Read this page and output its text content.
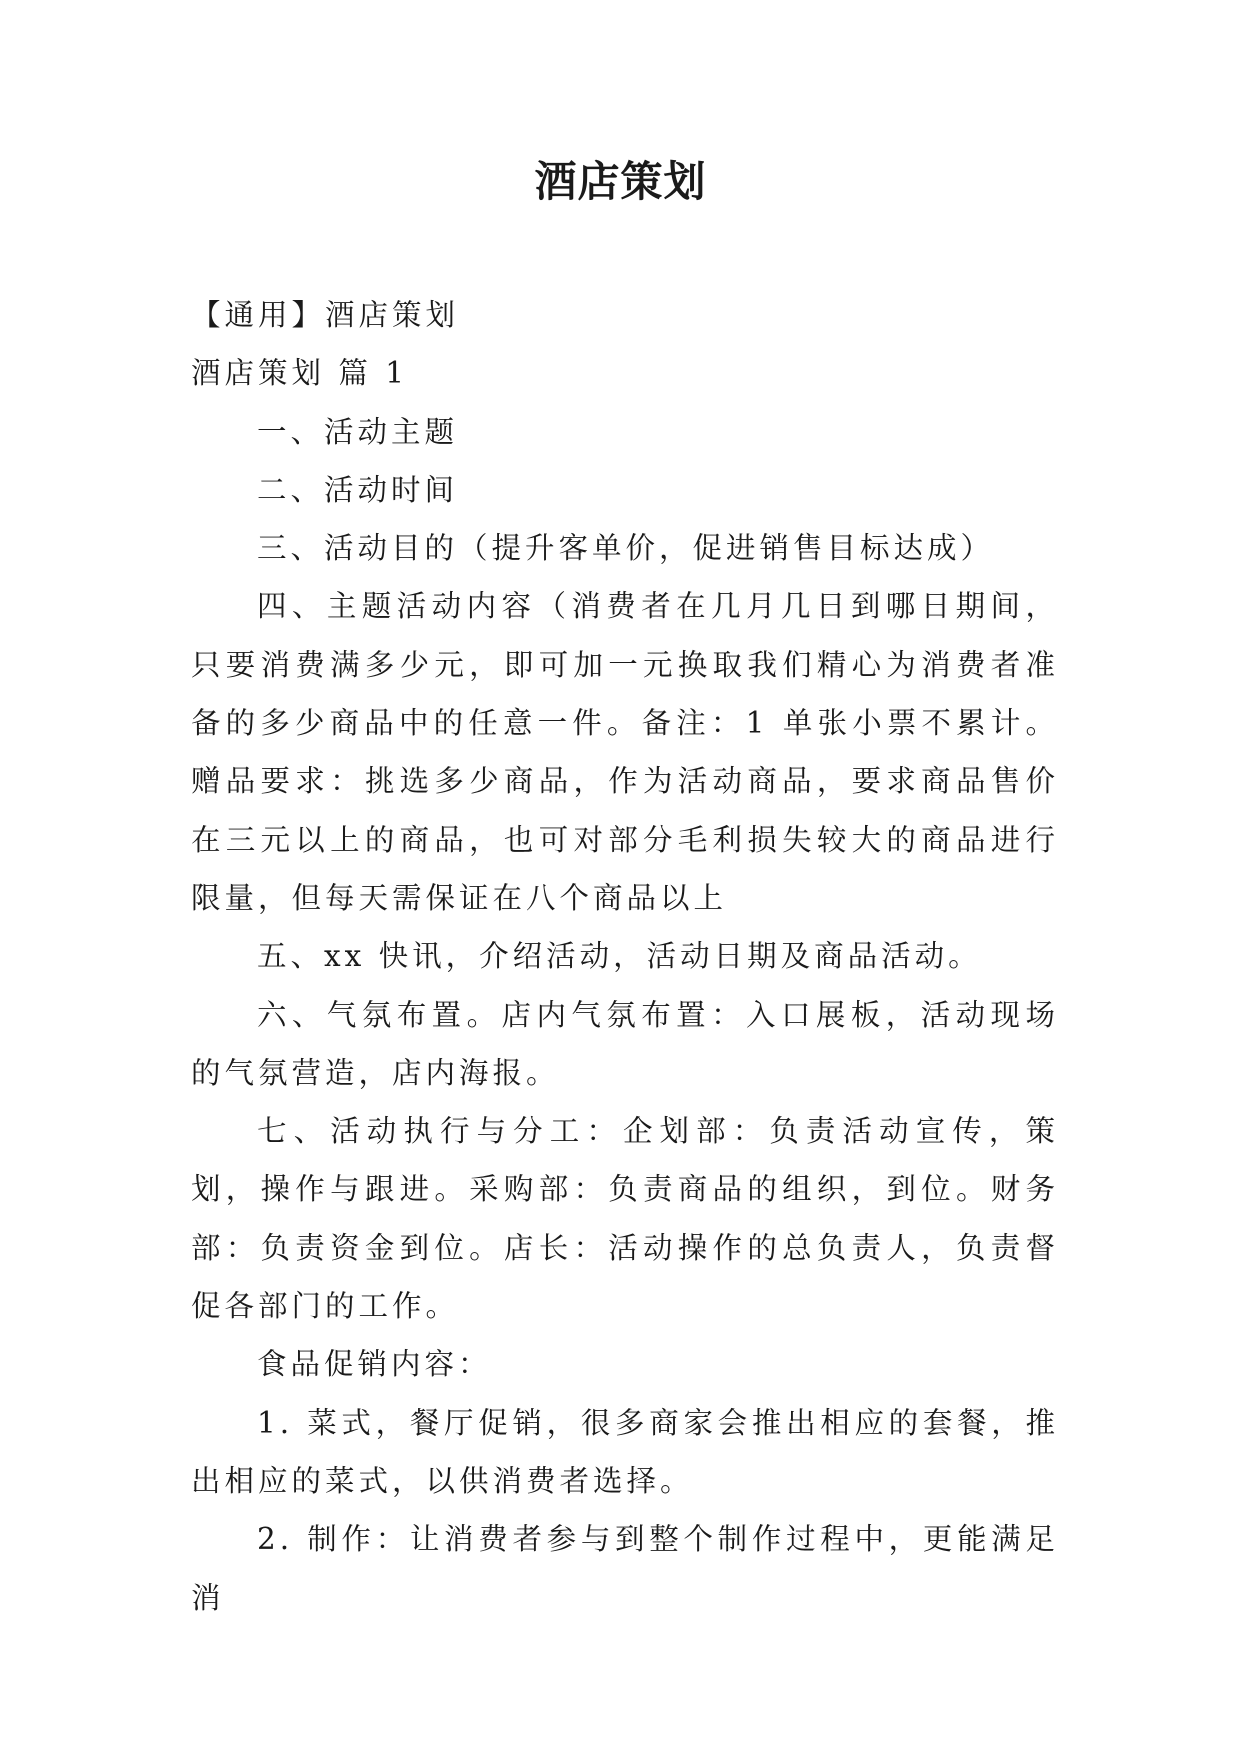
酒店策划

【通用】酒店策划

酒店策划 篇 1

一、活动主题

二、活动时间

三、活动目的（提升客单价，促进销售目标达成）

四、主题活动内容（消费者在几月几日到哪日期间，只要消费满多少元，即可加一元换取我们精心为消费者准备的多少商品中的任意一件。备注：1 单张小票不累计。赠品要求：挑选多少商品，作为活动商品，要求商品售价在三元以上的商品，也可对部分毛利损失较大的商品进行限量，但每天需保证在八个商品以上

五、xx 快讯，介绍活动，活动日期及商品活动。

六、气氛布置。店内气氛布置：入口展板，活动现场的气氛营造，店内海报。

七、活动执行与分工：企划部：负责活动宣传，策划，操作与跟进。采购部：负责商品的组织，到位。财务部：负责资金到位。店长：活动操作的总负责人，负责督促各部门的工作。

食品促销内容：

1. 菜式，餐厅促销，很多商家会推出相应的套餐，推出相应的菜式，以供消费者选择。

2. 制作：让消费者参与到整个制作过程中，更能满足消
